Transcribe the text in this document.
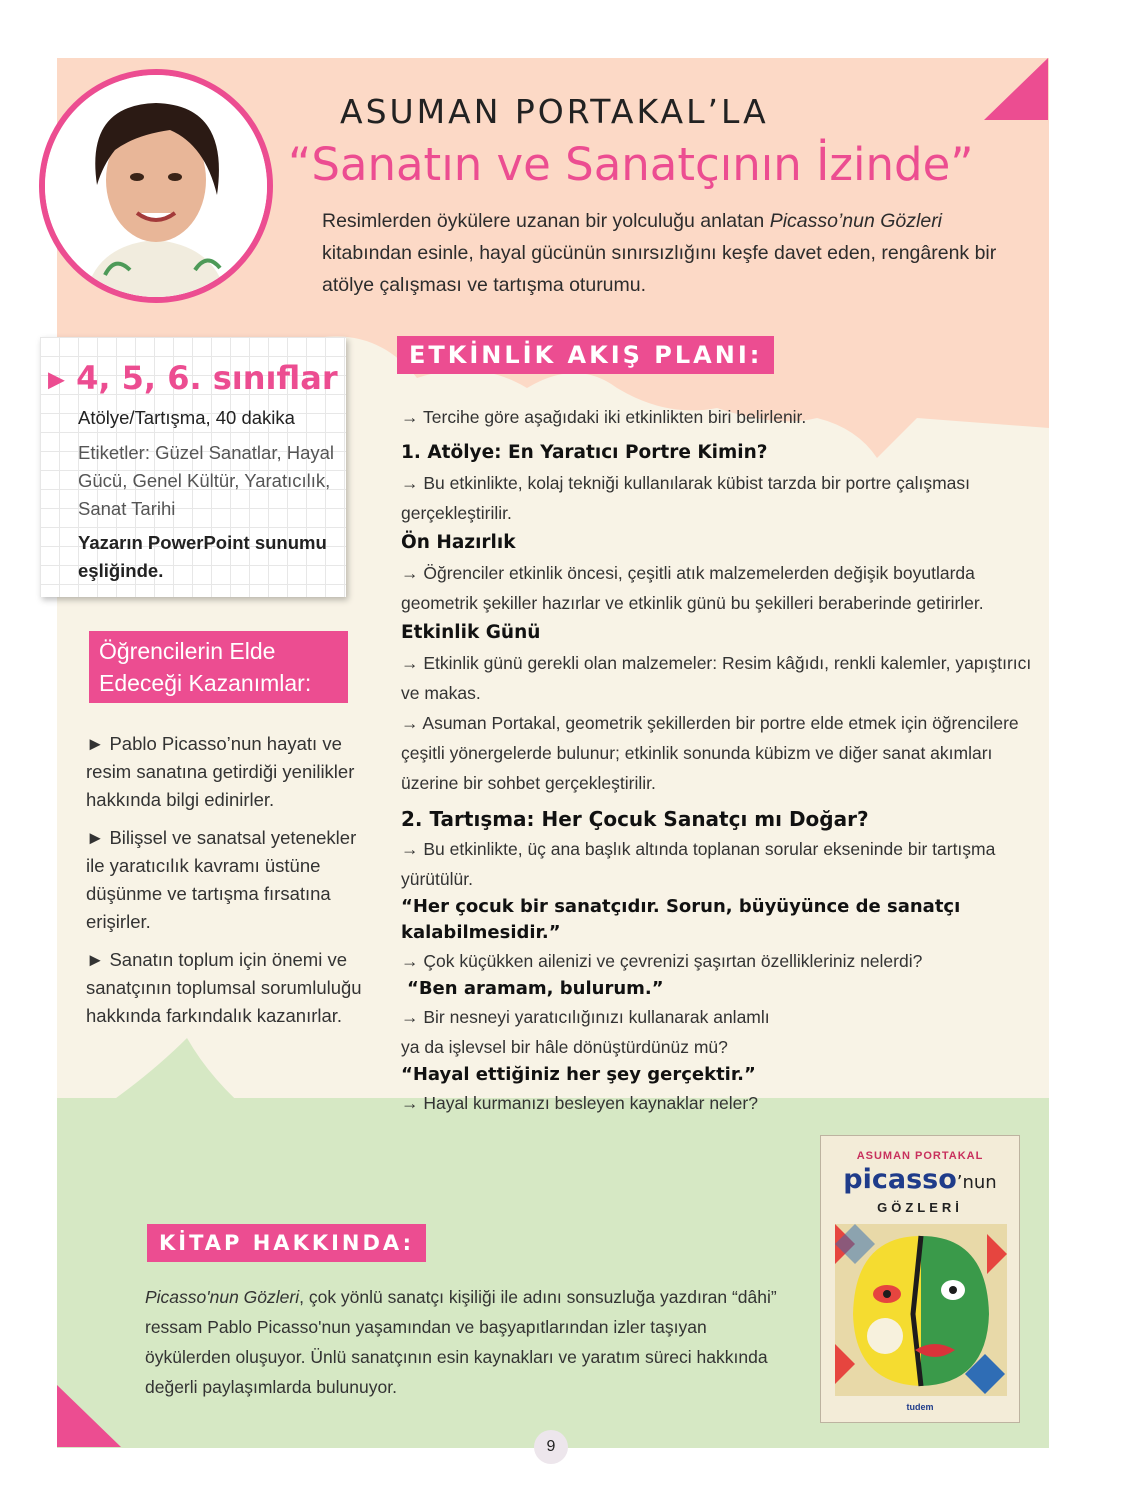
ASUMAN PORTAKAL’LA
“Sanatın ve Sanatçının İzinde”

Resimlerden öykülere uzanan bir yolculuğu anlatan Picasso’nun Gözleri kitabından esinle, hayal gücünün sınırsızlığını keşfe davet eden, rengârenk bir atölye çalışması ve tartışma oturumu.

▶ 4, 5, 6. sınıflar
Atölye/Tartışma, 40 dakika
Etiketler: Güzel Sanatlar, Hayal Gücü, Genel Kültür, Yaratıcılık, Sanat Tarihi
Yazarın PowerPoint sunumu eşliğinde.
Öğrencilerin Elde Edeceği Kazanımlar:

► Pablo Picasso’nun hayatı ve resim sanatına getirdiği yenilikler hakkında bilgi edinirler.

► Bilişsel ve sanatsal yetenekler ile yaratıcılık kavramı üstüne düşünme ve tartışma fırsatına erişirler.

► Sanatın toplum için önemi ve sanatçının toplumsal sorumluluğu hakkında farkındalık kazanırlar.

ETKİNLİK AKIŞ PLANI:
→ Tercihe göre aşağıdaki iki etkinlikten biri belirlenir.
1. Atölye: En Yaratıcı Portre Kimin?
→ Bu etkinlikte, kolaj tekniği kullanılarak kübist tarzda bir portre çalışması gerçekleştirilir.
Ön Hazırlık
→ Öğrenciler etkinlik öncesi, çeşitli atık malzemelerden değişik boyutlarda geometrik şekiller hazırlar ve etkinlik günü bu şekilleri beraberinde getirirler.
Etkinlik Günü
→ Etkinlik günü gerekli olan malzemeler: Resim kâğıdı, renkli kalemler, yapıştırıcı ve makas.
→ Asuman Portakal, geometrik şekillerden bir portre elde etmek için öğrencilere çeşitli yönergelerde bulunur; etkinlik sonunda kübizm ve diğer sanat akımları üzerine bir sohbet gerçekleştirilir.
2. Tartışma: Her Çocuk Sanatçı mı Doğar?
→ Bu etkinlikte, üç ana başlık altında toplanan sorular ekseninde bir tartışma yürütülür.
“Her çocuk bir sanatçıdır. Sorun, büyüyünce de sanatçı kalabilmesidir.”
→ Çok küçükken ailenizi ve çevrenizi şaşırtan özellikleriniz nelerdi?
“Ben aramam, bulurum.”
→ Bir nesneyi yaratıcılığınızı kullanarak anlamlı
ya da işlevsel bir hâle dönüştürdünüz mü?
“Hayal ettiğiniz her şey gerçektir.”
→ Hayal kurmanızı besleyen kaynaklar neler?
KİTAP HAKKINDA:

Picasso'nun Gözleri, çok yönlü sanatçı kişiliği ile adını sonsuzluğa yazdıran “dâhi” ressam Pablo Picasso'nun yaşamından ve başyapıtlarından izler taşıyan öykülerden oluşuyor. Ünlü sanatçının esin kaynakları ve yaratım süreci hakkında değerli paylaşımlarda bulunuyor.

ASUMAN PORTAKAL
picasso’nun
GÖZLERİ
tudem
9
